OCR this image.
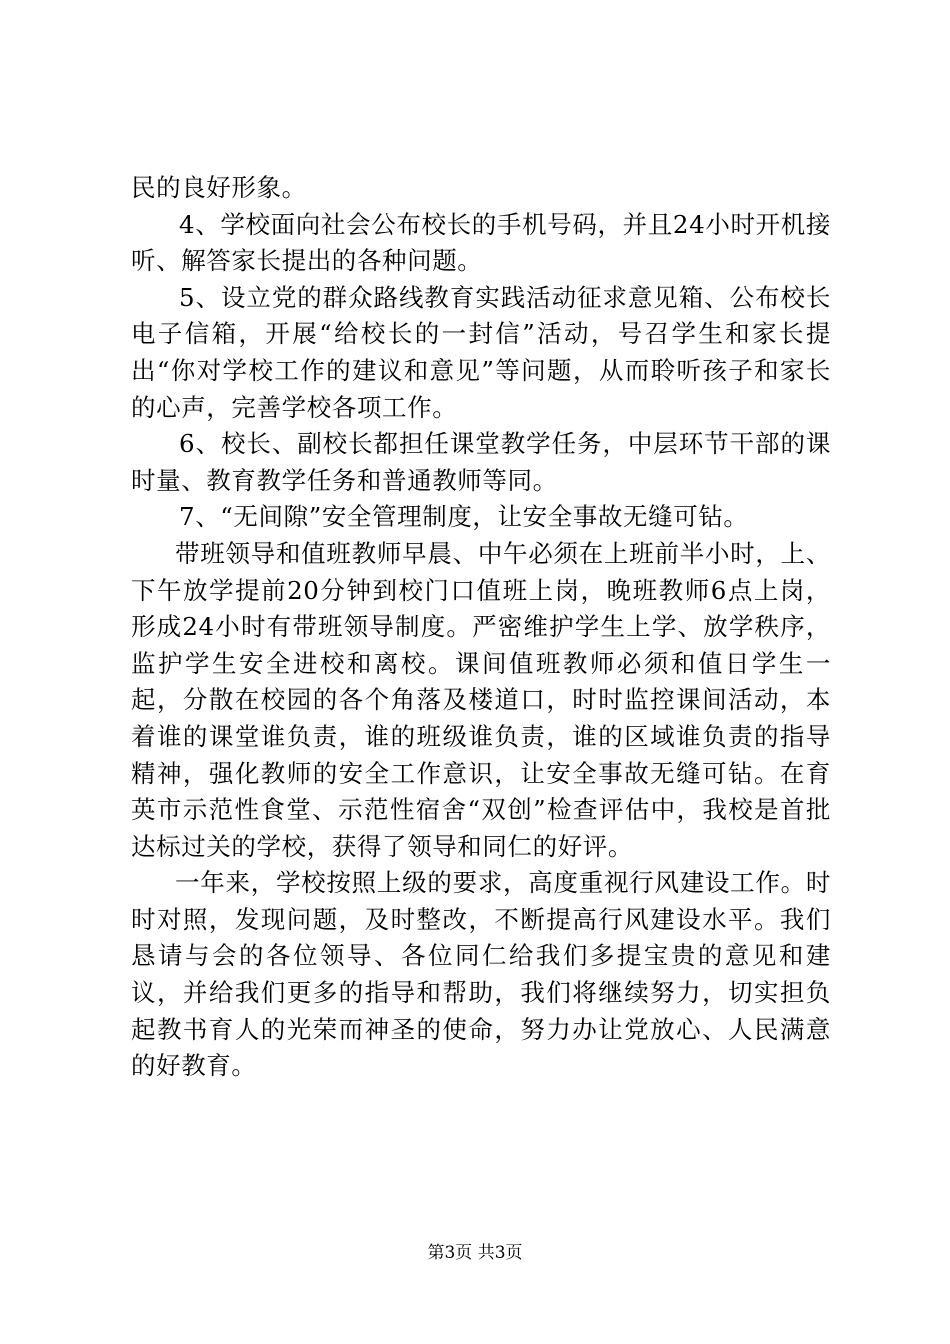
民的良好形象。

4、学校面向社会公布校长的手机号码，并且24小时开机接听、解答家长提出的各种问题。

5、设立党的群众路线教育实践活动征求意见箱、公布校长电子信箱，开展“给校长的一封信”活动，号召学生和家长提出“你对学校工作的建议和意见”等问题，从而聆听孩子和家长的心声，完善学校各项工作。

6、校长、副校长都担任课堂教学任务，中层环节干部的课时量、教育教学任务和普通教师等同。

7、“无间隙”安全管理制度，让安全事故无缝可钻。

带班领导和值班教师早晨、中午必须在上班前半小时，上、下午放学提前20分钟到校门口值班上岗，晚班教师6点上岗，形成24小时有带班领导制度。严密维护学生上学、放学秩序，监护学生安全进校和离校。课间值班教师必须和值日学生一起，分散在校园的各个角落及楼道口，时时监控课间活动，本着谁的课堂谁负责，谁的班级谁负责，谁的区域谁负责的指导精神，强化教师的安全工作意识，让安全事故无缝可钻。在育英市示范性食堂、示范性宿舍“双创”检查评估中，我校是首批达标过关的学校，获得了领导和同仁的好评。

一年来，学校按照上级的要求，高度重视行风建设工作。时时对照，发现问题，及时整改，不断提高行风建设水平。我们恳请与会的各位领导、各位同仁给我们多提宝贵的意见和建议，并给我们更多的指导和帮助，我们将继续努力，切实担负起教书育人的光荣而神圣的使命，努力办让党放心、人民满意的好教育。

第3页 共3页
